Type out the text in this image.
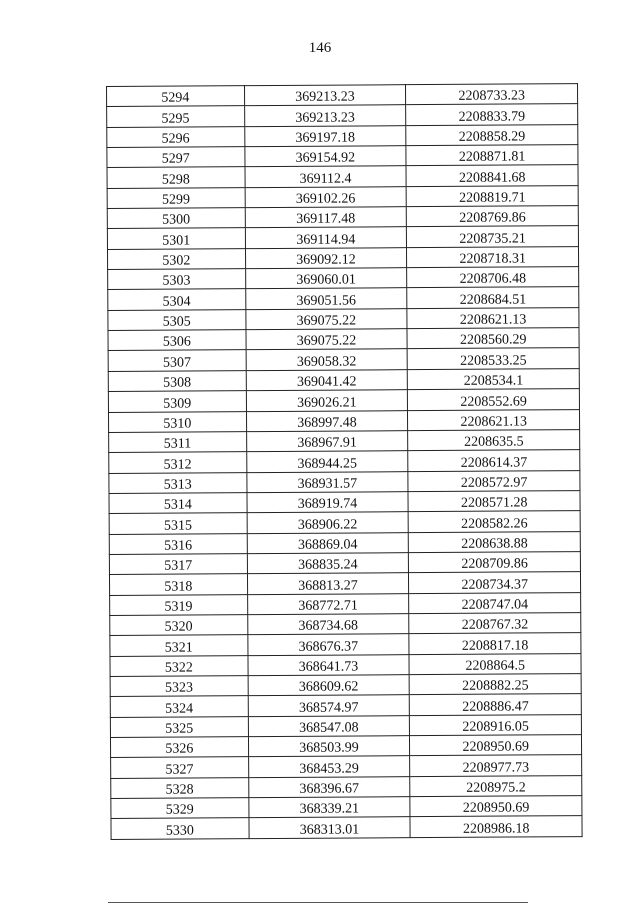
146
5294	369213.23	2208733.23
5295	369213.23	2208833.79
5296	369197.18	2208858.29
5297	369154.92	2208871.81
5298	369112.4	2208841.68
5299	369102.26	2208819.71
5300	369117.48	2208769.86
5301	369114.94	2208735.21
5302	369092.12	2208718.31
5303	369060.01	2208706.48
5304	369051.56	2208684.51
5305	369075.22	2208621.13
5306	369075.22	2208560.29
5307	369058.32	2208533.25
5308	369041.42	2208534.1
5309	369026.21	2208552.69
5310	368997.48	2208621.13
5311	368967.91	2208635.5
5312	368944.25	2208614.37
5313	368931.57	2208572.97
5314	368919.74	2208571.28
5315	368906.22	2208582.26
5316	368869.04	2208638.88
5317	368835.24	2208709.86
5318	368813.27	2208734.37
5319	368772.71	2208747.04
5320	368734.68	2208767.32
5321	368676.37	2208817.18
5322	368641.73	2208864.5
5323	368609.62	2208882.25
5324	368574.97	2208886.47
5325	368547.08	2208916.05
5326	368503.99	2208950.69
5327	368453.29	2208977.73
5328	368396.67	2208975.2
5329	368339.21	2208950.69
5330	368313.01	2208986.18
